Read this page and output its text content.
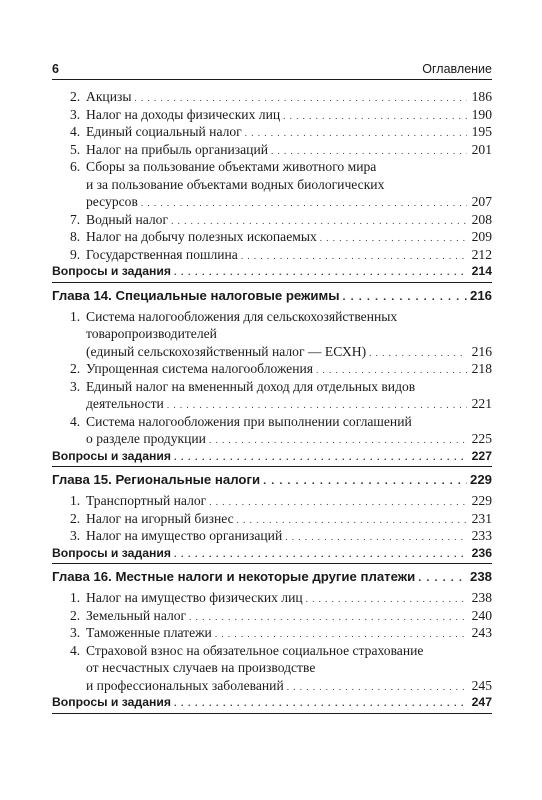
6	Оглавление
2. Акцизы . . .	186
3. Налог на доходы физических лиц . . .	190
4. Единый социальный налог . . .	195
5. Налог на прибыль организаций . . .	201
6. Сборы за пользование объектами животного мира
и за пользование объектами водных биологических
ресурсов . . .	207
7. Водный налог . . .	208
8. Налог на добычу полезных ископаемых . . .	209
9. Государственная пошлина . . .	212
Вопросы и задания . . .	214
Глава 14. Специальные налоговые режимы . . .	216
1. Система налогообложения для сельскохозяйственных
товаропроизводителей
(единый сельскохозяйственный налог — ЕСХН) . . .	216
2. Упрощенная система налогообложения . . .	218
3. Единый налог на вмененный доход для отдельных видов
деятельности . . .	221
4. Система налогообложения при выполнении соглашений
о разделе продукции . . .	225
Вопросы и задания . . .	227
Глава 15. Региональные налоги . . .	229
1. Транспортный налог . . .	229
2. Налог на игорный бизнес . . .	231
3. Налог на имущество организаций . . .	233
Вопросы и задания . . .	236
Глава 16. Местные налоги и некоторые другие платежи . . .	238
1. Налог на имущество физических лиц . . .	238
2. Земельный налог . . .	240
3. Таможенные платежи . . .	243
4. Страховой взнос на обязательное социальное страхование
от несчастных случаев на производстве
и профессиональных заболеваний . . .	245
Вопросы и задания . . .	247
